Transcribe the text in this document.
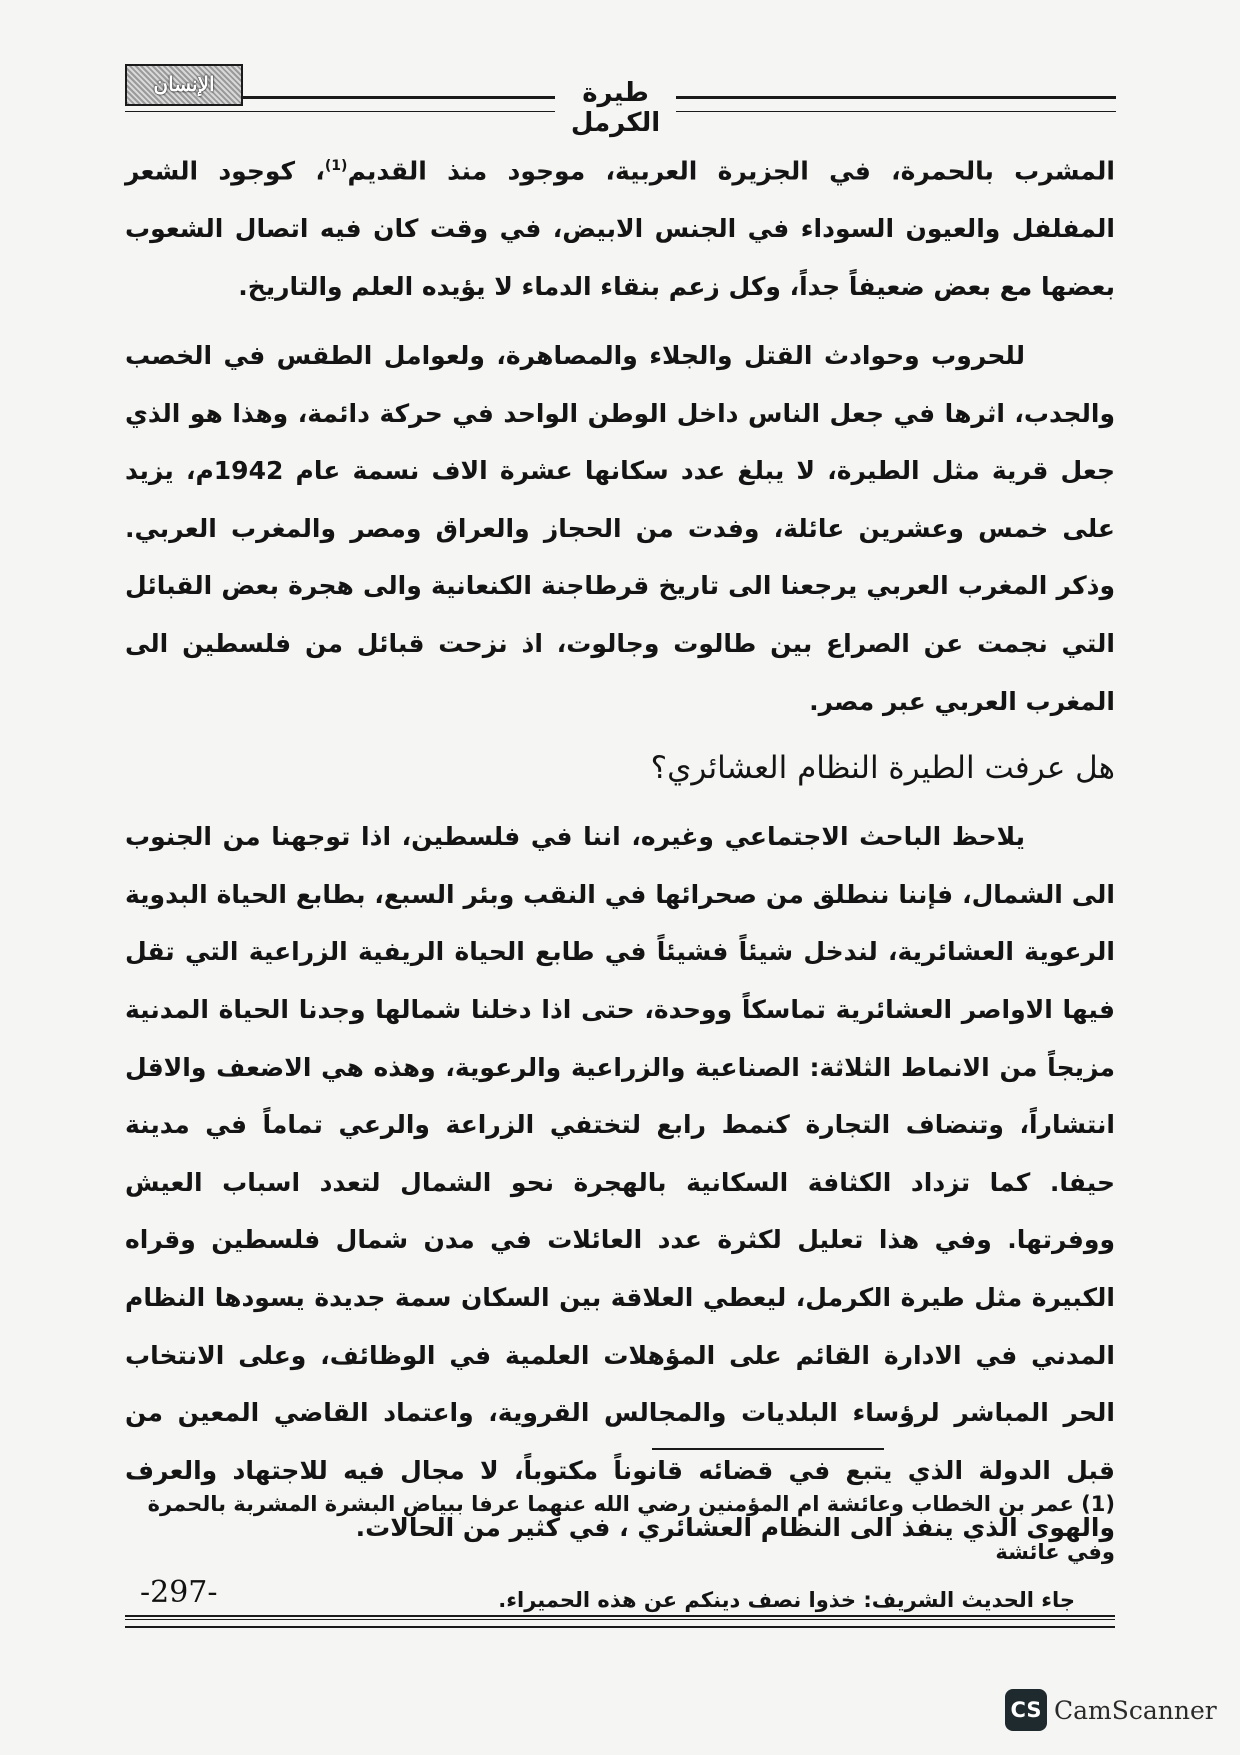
طيرة الكرمل
الإنسان

المشرب بالحمرة، في الجزيرة العربية، موجود منذ القديم$^{(1)}$، كوجود الشعر المفلفل والعيون السوداء في الجنس الابيض، في وقت كان فيه اتصال الشعوب بعضها مع بعض ضعيفاً جداً، وكل زعم بنقاء الدماء لا يؤيده العلم والتاريخ.

للحروب وحوادث القتل والجلاء والمصاهرة، ولعوامل الطقس في الخصب والجدب، اثرها في جعل الناس داخل الوطن الواحد في حركة دائمة، وهذا هو الذي جعل قرية مثل الطيرة، لا يبلغ عدد سكانها عشرة الاف نسمة عام 1942م، يزيد على خمس وعشرين عائلة، وفدت من الحجاز والعراق ومصر والمغرب العربي. وذكر المغرب العربي يرجعنا الى تاريخ قرطاجنة الكنعانية والى هجرة بعض القبائل التي نجمت عن الصراع بين طالوت وجالوت، اذ نزحت قبائل من فلسطين الى المغرب العربي عبر مصر.

هل عرفت الطيرة النظام العشائري؟

يلاحظ الباحث الاجتماعي وغيره، اننا في فلسطين، اذا توجهنا من الجنوب الى الشمال، فإننا ننطلق من صحرائها في النقب وبئر السبع، بطابع الحياة البدوية الرعوية العشائرية، لندخل شيئاً فشيئاً في طابع الحياة الريفية الزراعية التي تقل فيها الاواصر العشائرية تماسكاً ووحدة، حتى اذا دخلنا شمالها وجدنا الحياة المدنية مزيجاً من الانماط الثلاثة: الصناعية والزراعية والرعوية، وهذه هي الاضعف والاقل انتشاراً، وتنضاف التجارة كنمط رابع لتختفي الزراعة والرعي تماماً في مدينة حيفا. كما تزداد الكثافة السكانية بالهجرة نحو الشمال لتعدد اسباب العيش ووفرتها. وفي هذا تعليل لكثرة عدد العائلات في مدن شمال فلسطين وقراه الكبيرة مثل طيرة الكرمل، ليعطي العلاقة بين السكان سمة جديدة يسودها النظام المدني في الادارة القائم على المؤهلات العلمية في الوظائف، وعلى الانتخاب الحر المباشر لرؤساء البلديات والمجالس القروية، واعتماد القاضي المعين من قبل الدولة الذي يتبع في قضائه قانوناً مكتوباً، لا مجال فيه للاجتهاد والعرف والهوى الذي ينفذ الى النظام العشائري ، في كثير من الحالات.

(1) عمر بن الخطاب وعائشة ام المؤمنين رضي الله عنهما عرفا ببياض البشرة المشربة بالحمرة وفي عائشة
جاء الحديث الشريف: خذوا نصف دينكم عن هذه الحميراء.
-297-
CS CamScanner
